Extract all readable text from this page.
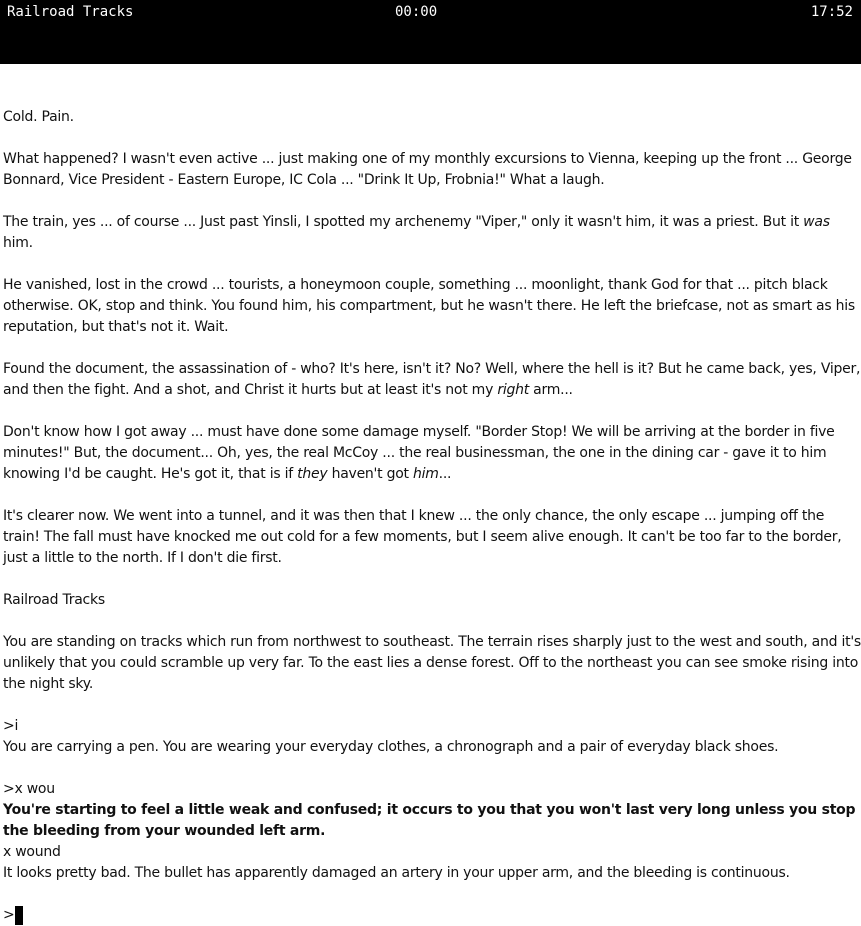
Railroad Tracks	00:00	17:52

Cold. Pain.

What happened? I wasn't even active ... just making one of my monthly excursions to Vienna, keeping up the front ... George Bonnard, Vice President - Eastern Europe, IC Cola ... "Drink It Up, Frobnia!" What a laugh.

The train, yes ... of course ... Just past Yinsli, I spotted my archenemy "Viper," only it wasn't him, it was a priest. But it was him.

He vanished, lost in the crowd ... tourists, a honeymoon couple, something ... moonlight, thank God for that ... pitch black otherwise. OK, stop and think. You found him, his compartment, but he wasn't there. He left the briefcase, not as smart as his reputation, but that's not it. Wait.

Found the document, the assassination of - who? It's here, isn't it? No? Well, where the hell is it? But he came back, yes, Viper, and then the fight. And a shot, and Christ it hurts but at least it's not my right arm...

Don't know how I got away ... must have done some damage myself. "Border Stop! We will be arriving at the border in five minutes!" But, the document... Oh, yes, the real McCoy ... the real businessman, the one in the dining car - gave it to him knowing I'd be caught. He's got it, that is if they haven't got him...

It's clearer now. We went into a tunnel, and it was then that I knew ... the only chance, the only escape ... jumping off the train! The fall must have knocked me out cold for a few moments, but I seem alive enough. It can't be too far to the border, just a little to the north. If I don't die first.

Railroad Tracks

You are standing on tracks which run from northwest to southeast. The terrain rises sharply just to the west and south, and it's unlikely that you could scramble up very far. To the east lies a dense forest. Off to the northeast you can see smoke rising into the night sky.

>i

You are carrying a pen. You are wearing your everyday clothes, a chronograph and a pair of everyday black shoes.

>x wou

You're starting to feel a little weak and confused; it occurs to you that you won't last very long unless you stop the bleeding from your wounded left arm.

x wound

It looks pretty bad. The bullet has apparently damaged an artery in your upper arm, and the bleeding is continuous.

>
